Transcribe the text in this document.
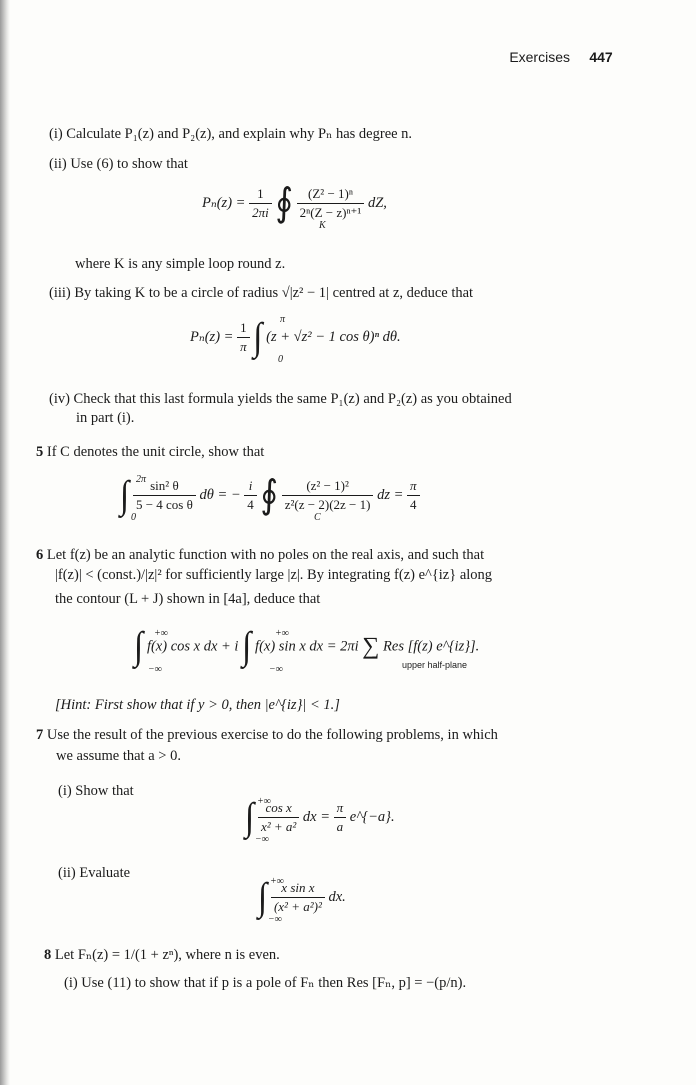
Exercises 447
(i) Calculate P₁(z) and P₂(z), and explain why Pₙ has degree n.
(ii) Use (6) to show that
$P_n(z) = \frac{1}{2\pi i}$ ∮ $\frac{\text{(Z² − 1)ⁿ}}{\text{2ⁿ(Z − z)ⁿ⁺¹}}$ dZ,
K
where K is any simple loop round z.
(iii) By taking K to be a circle of radius √|z² − 1| centred at z, deduce that
$P_n(z) = \frac{1}{\pi}$ ∫ (z + √z² − 1 cos θ)ⁿ dθ.
π
0
(iv) Check that this last formula yields the same P₁(z) and P₂(z) as you obtained
in part (i).
5 If C denotes the unit circle, show that
∫ $\frac{\text{sin² θ}}{\text{5 − 4 cos θ}}$ dθ = − $\frac{i}{4}$ ∮ $\frac{\text{(z² − 1)²}}{\text{z²(z − 2)(2z − 1)}}$ dz = $\frac{\pi}{4}$
2π
0	C
6 Let f(z) be an analytic function with no poles on the real axis, and such that
|f(z)| < (const.)/|z|² for sufficiently large |z|. By integrating f(z) e^{iz} along
the contour (L + J) shown in [4a], deduce that
∫ f(x) cos x dx + i ∫ f(x) sin x dx = 2πi ∑ Res [f(z) e^{iz}].
+∞
−∞
+∞
−∞	upper half-plane
[Hint: First show that if y > 0, then |e^{iz}| < 1.]
7 Use the result of the previous exercise to do the following problems, in which
we assume that a > 0.
(i) Show that
∫ $\frac{\text{cos x}}{\text{x² + a²}}$ dx = $\frac{\pi}{a}$ e^{−a}.
+∞
−∞
(ii) Evaluate
∫ $\frac{\text{x sin x}}{\text{(x² + a²)²}}$ dx.
+∞
−∞
8 Let Fₙ(z) = 1/(1 + zⁿ), where n is even.
(i) Use (11) to show that if p is a pole of Fₙ then Res [Fₙ, p] = −(p/n).
